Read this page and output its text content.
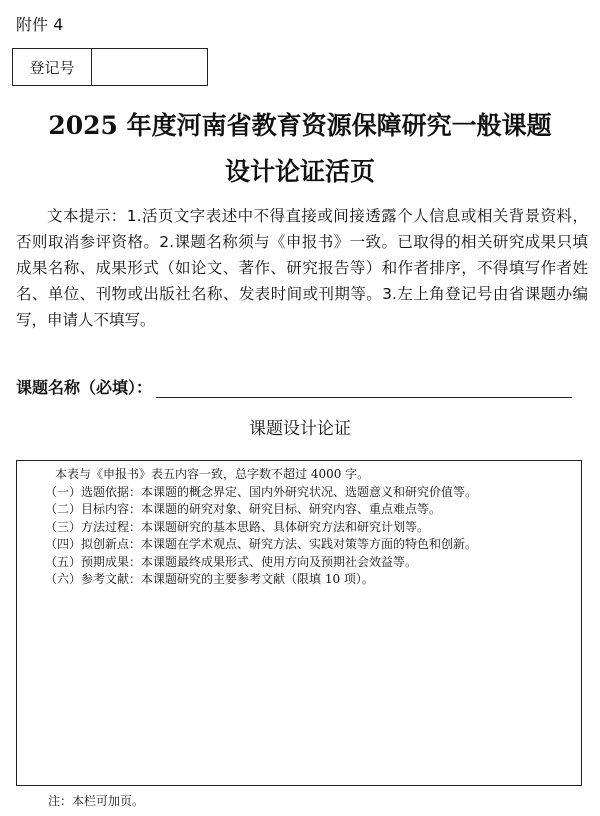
附件 4
登记号
2025 年度河南省教育资源保障研究一般课题
设计论证活页
文本提示：1.活页文字表述中不得直接或间接透露个人信息或相关背景资料，否则取消参评资格。2.课题名称须与《申报书》一致。已取得的相关研究成果只填成果名称、成果形式（如论文、著作、研究报告等）和作者排序，不得填写作者姓名、单位、刊物或出版社名称、发表时间或刊期等。3.左上角登记号由省课题办编写，申请人不填写。
课题名称（必填）：
课题设计论证
本表与《申报书》表五内容一致，总字数不超过 4000 字。
（一）选题依据：本课题的概念界定、国内外研究状况、选题意义和研究价值等。
（二）目标内容：本课题的研究对象、研究目标、研究内容、重点难点等。
（三）方法过程：本课题研究的基本思路、具体研究方法和研究计划等。
（四）拟创新点：本课题在学术观点、研究方法、实践对策等方面的特色和创新。
（五）预期成果：本课题最终成果形式、使用方向及预期社会效益等。
（六）参考文献：本课题研究的主要参考文献（限填 10 项）。
注：本栏可加页。
